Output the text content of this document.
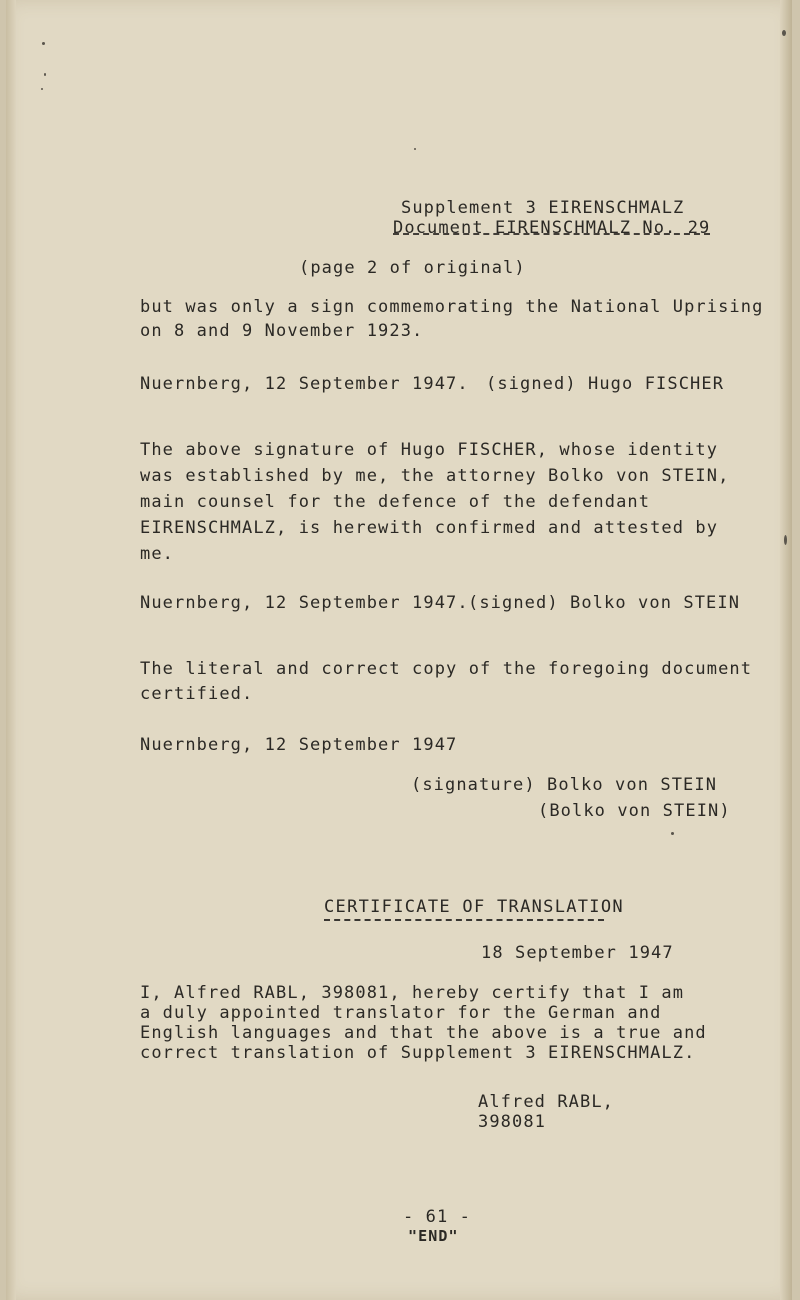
Supplement 3 EIRENSCHMALZ
Document EIRENSCHMALZ No. 29
(page 2 of original)
but was only a sign commemorating the National Uprising
on 8 and 9 November 1923.
Nuernberg, 12 September 1947. (signed) Hugo FISCHER
The above signature of Hugo FISCHER, whose identity
was established by me, the attorney Bolko von STEIN,
main counsel for the defence of the defendant
EIRENSCHMALZ, is herewith confirmed and attested by
me.
Nuernberg, 12 September 1947. (signed) Bolko von STEIN
The literal and correct copy of the foregoing document
certified.
Nuernberg, 12 September 1947
(signature) Bolko von STEIN
(Bolko von STEIN)
CERTIFICATE OF TRANSLATION
18 September 1947
I, Alfred RABL, 398081, hereby certify that I am
a duly appointed translator for the German and
English languages and that the above is a true and
correct translation of Supplement 3 EIRENSCHMALZ.
Alfred RABL,
398081
- 61 -
"END"
